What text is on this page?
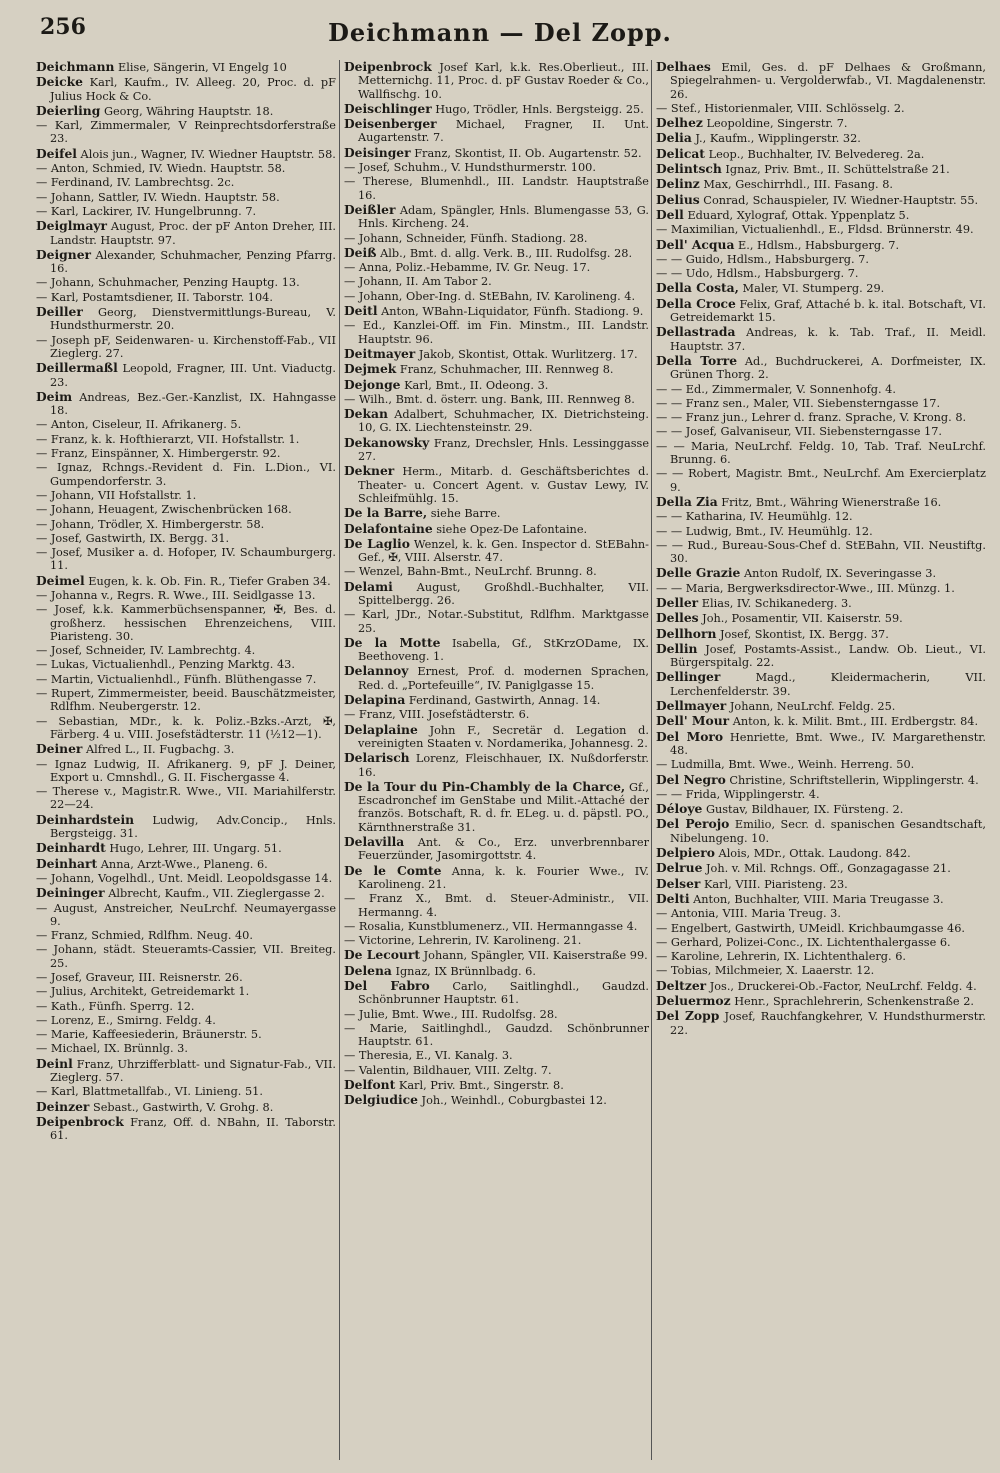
256	Deichmann — Del Zopp.
Deichmann Elise, Sängerin, VI Engelg 10
Deicke Karl, Kaufm., IV. Alleeg. 20, Proc. d. pF Julius Hock & Co.
Deierling Georg, Währing Hauptstr. 18.
— Karl, Zimmermaler, V Reinprechtsdorferstraße 23.
Deifel Alois jun., Wagner, IV. Wiedner Hauptstr. 58.
— Anton, Schmied, IV. Wiedn. Hauptstr. 58.
— Ferdinand, IV. Lambrechtsg. 2c.
— Johann, Sattler, IV. Wiedn. Hauptstr. 58.
— Karl, Lackirer, IV. Hungelbrunng. 7.
Deiglmayr August, Proc. der pF Anton Dreher, III. Landstr. Hauptstr. 97.
Deigner Alexander, Schuhmacher, Penzing Pfarrg. 16.
— Johann, Schuhmacher, Penzing Hauptg. 13.
— Karl, Postamtsdiener, II. Taborstr. 104.
Deiller Georg, Dienstvermittlungs-Bureau, V. Hundsthurmerstr. 20.
— Joseph pF, Seidenwaren- u. Kirchenstoff-Fab., VII Zieglerg. 27.
Deillermaßl Leopold, Fragner, III. Unt. Viaductg. 23.
Deim Andreas, Bez.-Ger.-Kanzlist, IX. Hahngasse 18.
— Anton, Ciseleur, II. Afrikanerg. 5.
— Franz, k. k. Hofthierarzt, VII. Hofstallstr. 1.
— Franz, Einspänner, X. Himbergerstr. 92.
— Ignaz, Rchngs.-Revident d. Fin. L.Dion., VI. Gumpendorferstr. 3.
— Johann, VII Hofstallstr. 1.
— Johann, Heuagent, Zwischenbrücken 168.
— Johann, Trödler, X. Himbergerstr. 58.
— Josef, Gastwirth, IX. Bergg. 31.
— Josef, Musiker a. d. Hofoper, IV. Schaumburgerg. 11.
Deimel Eugen, k. k. Ob. Fin. R., Tiefer Graben 34.
— Johanna v., Regrs. R. Wwe., III. Seidlgasse 13.
— Josef, k.k. Kammerbüchsenspanner, ✠, Bes. d. großherz. hessischen Ehrenzeichens, VIII. Piaristeng. 30.
— Josef, Schneider, IV. Lambrechtg. 4.
— Lukas, Victualienhdl., Penzing Marktg. 43.
— Martin, Victualienhdl., Fünfh. Blüthengasse 7.
— Rupert, Zimmermeister, beeid. Bauschätzmeister, Rdlfhm. Neubergerstr. 12.
— Sebastian, MDr., k. k. Poliz.-Bzks.-Arzt, ✠, Färberg. 4 u. VIII. Josefstädterstr. 11 (½12—1).
Deiner Alfred L., II. Fugbachg. 3.
— Ignaz Ludwig, II. Afrikanerg. 9, pF J. Deiner, Export u. Cmnshdl., G. II. Fischergasse 4.
— Therese v., Magistr.R. Wwe., VII. Mariahilferstr. 22—24.
Deinhardstein Ludwig, Adv.Concip., Hnls. Bergsteigg. 31.
Deinhardt Hugo, Lehrer, III. Ungarg. 51.
Deinhart Anna, Arzt-Wwe., Planeng. 6.
— Johann, Vogelhdl., Unt. Meidl. Leopoldsgasse 14.
Deininger Albrecht, Kaufm., VII. Zieglergasse 2.
— August, Anstreicher, NeuLrchf. Neumayergasse 9.
— Franz, Schmied, Rdlfhm. Neug. 40.
— Johann, städt. Steueramts-Cassier, VII. Breiteg. 25.
— Josef, Graveur, III. Reisnerstr. 26.
— Julius, Architekt, Getreidemarkt 1.
— Kath., Fünfh. Sperrg. 12.
— Lorenz, E., Smirng. Feldg. 4.
— Marie, Kaffeesiederin, Bräunerstr. 5.
— Michael, IX. Brünnlg. 3.
Deinl Franz, Uhrzifferblatt- und Signatur-Fab., VII. Zieglerg. 57.
— Karl, Blattmetallfab., VI. Linieng. 51.
Deinzer Sebast., Gastwirth, V. Grohg. 8.
Deipenbrock Franz, Off. d. NBahn, II. Taborstr. 61.
Deipenbrock Josef Karl, k.k. Res.Oberlieut., III. Metternichg. 11, Proc. d. pF Gustav Roeder & Co., Wallfischg. 10.
Deischlinger Hugo, Trödler, Hnls. Bergsteigg. 25.
Deisenberger Michael, Fragner, II. Unt. Augartenstr. 7.
Deisinger Franz, Skontist, II. Ob. Augartenstr. 52.
— Josef, Schuhm., V. Hundsthurmerstr. 100.
— Therese, Blumenhdl., III. Landstr. Hauptstraße 16.
Deißler Adam, Spängler, Hnls. Blumengasse 53, G. Hnls. Kircheng. 24.
— Johann, Schneider, Fünfh. Stadiong. 28.
Deiß Alb., Bmt. d. allg. Verk. B., III. Rudolfsg. 28.
— Anna, Poliz.-Hebamme, IV. Gr. Neug. 17.
— Johann, II. Am Tabor 2.
— Johann, Ober-Ing. d. StEBahn, IV. Karolineng. 4.
Deitl Anton, WBahn-Liquidator, Fünfh. Stadiong. 9.
— Ed., Kanzlei-Off. im Fin. Minstm., III. Landstr. Hauptstr. 96.
Deitmayer Jakob, Skontist, Ottak. Wurlitzerg. 17.
Dejmek Franz, Schuhmacher, III. Rennweg 8.
Dejonge Karl, Bmt., II. Odeong. 3.
— Wilh., Bmt. d. österr. ung. Bank, III. Rennweg 8.
Dekan Adalbert, Schuhmacher, IX. Dietrichsteing. 10, G. IX. Liechtensteinstr. 29.
Dekanowsky Franz, Drechsler, Hnls. Lessinggasse 27.
Dekner Herm., Mitarb. d. Geschäftsberichtes d. Theater- u. Concert Agent. v. Gustav Lewy, IV. Schleifmühlg. 15.
De la Barre, siehe Barre.
Delafontaine siehe Opez-De Lafontaine.
De Laglio Wenzel, k. k. Gen. Inspector d. StEBahn-Gef., ✠, VIII. Alserstr. 47.
— Wenzel, Bahn-Bmt., NeuLrchf. Brunng. 8.
Delami August, Großhdl.-Buchhalter, VII. Spittelbergg. 26.
— Karl, JDr., Notar.-Substitut, Rdlfhm. Marktgasse 25.
De la Motte Isabella, Gf., StKrzODame, IX. Beethoveng. 1.
Delannoy Ernest, Prof. d. modernen Sprachen, Red. d. „Portefeuille“, IV. Paniglgasse 15.
Delapina Ferdinand, Gastwirth, Annag. 14.
— Franz, VIII. Josefstädterstr. 6.
Delaplaine John F., Secretär d. Legation d. vereinigten Staaten v. Nordamerika, Johannesg. 2.
Delarisch Lorenz, Fleischhauer, IX. Nußdorferstr. 16.
De la Tour du Pin-Chambly de la Charce, Gf., Escadronchef im GenStabe und Milit.-Attaché der französ. Botschaft, R. d. fr. ELeg. u. d. päpstl. PO., Kärnthnerstraße 31.
Delavilla Ant. & Co., Erz. unverbrennbarer Feuerzünder, Jasomirgottstr. 4.
De le Comte Anna, k. k. Fourier Wwe., IV. Karolineng. 21.
— Franz X., Bmt. d. Steuer-Administr., VII. Hermanng. 4.
— Rosalia, Kunstblumenerz., VII. Hermanngasse 4.
— Victorine, Lehrerin, IV. Karolineng. 21.
De Lecourt Johann, Spängler, VII. Kaiserstraße 99.
Delena Ignaz, IX Brünnlbadg. 6.
Del Fabro Carlo, Saitlinghdl., Gaudzd. Schönbrunner Hauptstr. 61.
— Julie, Bmt. Wwe., III. Rudolfsg. 28.
— Marie, Saitlinghdl., Gaudzd. Schönbrunner Hauptstr. 61.
— Theresia, E., VI. Kanalg. 3.
— Valentin, Bildhauer, VIII. Zeltg. 7.
Delfont Karl, Priv. Bmt., Singerstr. 8.
Delgiudice Joh., Weinhdl., Coburgbastei 12.
Delhaes Emil, Ges. d. pF Delhaes & Großmann, Spiegelrahmen- u. Vergolderwfab., VI. Magdalenenstr. 26.
— Stef., Historienmaler, VIII. Schlösselg. 2.
Delhez Leopoldine, Singerstr. 7.
Delia J., Kaufm., Wipplingerstr. 32.
Delicat Leop., Buchhalter, IV. Belvedereg. 2a.
Delintsch Ignaz, Priv. Bmt., II. Schüttelstraße 21.
Delinz Max, Geschirrhdl., III. Fasang. 8.
Delius Conrad, Schauspieler, IV. Wiedner-Hauptstr. 55.
Dell Eduard, Xylograf, Ottak. Yppenplatz 5.
— Maximilian, Victualienhdl., E., Fldsd. Brünnerstr. 49.
Dell' Acqua E., Hdlsm., Habsburgerg. 7.
— — Guido, Hdlsm., Habsburgerg. 7.
— — Udo, Hdlsm., Habsburgerg. 7.
Della Costa, Maler, VI. Stumperg. 29.
Della Croce Felix, Graf, Attaché b. k. ital. Botschaft, VI. Getreidemarkt 15.
Dellastrada Andreas, k. k. Tab. Traf., II. Meidl. Hauptstr. 37.
Della Torre Ad., Buchdruckerei, A. Dorfmeister, IX. Grünen Thorg. 2.
— — Ed., Zimmermaler, V. Sonnenhofg. 4.
— — Franz sen., Maler, VII. Siebensterngasse 17.
— — Franz jun., Lehrer d. franz. Sprache, V. Krong. 8.
— — Josef, Galvaniseur, VII. Siebensterngasse 17.
— — Maria, NeuLrchf. Feldg. 10, Tab. Traf. NeuLrchf. Brunng. 6.
— — Robert, Magistr. Bmt., NeuLrchf. Am Exercierplatz 9.
Della Zia Fritz, Bmt., Währing Wienerstraße 16.
— — Katharina, IV. Heumühlg. 12.
— — Ludwig, Bmt., IV. Heumühlg. 12.
— — Rud., Bureau-Sous-Chef d. StEBahn, VII. Neustiftg. 30.
Delle Grazie Anton Rudolf, IX. Severingasse 3.
— — Maria, Bergwerksdirector-Wwe., III. Münzg. 1.
Deller Elias, IV. Schikanederg. 3.
Delles Joh., Posamentir, VII. Kaiserstr. 59.
Dellhorn Josef, Skontist, IX. Bergg. 37.
Dellin Josef, Postamts-Assist., Landw. Ob. Lieut., VI. Bürgerspitalg. 22.
Dellinger	Magd., Kleidermacherin, VII. Lerchenfelderstr. 39.
Dellmayer Johann, NeuLrchf. Feldg. 25.
Dell' Mour Anton, k. k. Milit. Bmt., III. Erdbergstr. 84.
Del Moro Henriette, Bmt. Wwe., IV. Margarethenstr. 48.
— Ludmilla, Bmt. Wwe., Weinh. Herreng. 50.
Del Negro Christine, Schriftstellerin, Wipplingerstr. 4.
— — Frida, Wipplingerstr. 4.
Déloye Gustav, Bildhauer, IX. Fürsteng. 2.
Del Perojo Emilio, Secr. d. spanischen Gesandtschaft, Nibelungeng. 10.
Delpiero Alois, MDr., Ottak. Laudong. 842.
Delrue Joh. v. Mil. Rchngs. Off., Gonzagagasse 21.
Delser Karl, VIII. Piaristeng. 23.
Delti Anton, Buchhalter, VIII. Maria Treugasse 3.
— Antonia, VIII. Maria Treug. 3.
— Engelbert, Gastwirth, UMeidl. Krichbaumgasse 46.
— Gerhard, Polizei-Conc., IX. Lichtenthalergasse 6.
— Karoline, Lehrerin, IX. Lichtenthalerg. 6.
— Tobias, Milchmeier, X. Laaerstr. 12.
Deltzer Jos., Druckerei-Ob.-Factor, NeuLrchf. Feldg. 4.
Deluermoz Henr., Sprachlehrerin, Schenkenstraße 2.
Del Zopp Josef, Rauchfangkehrer, V. Hundsthurmerstr. 22.
